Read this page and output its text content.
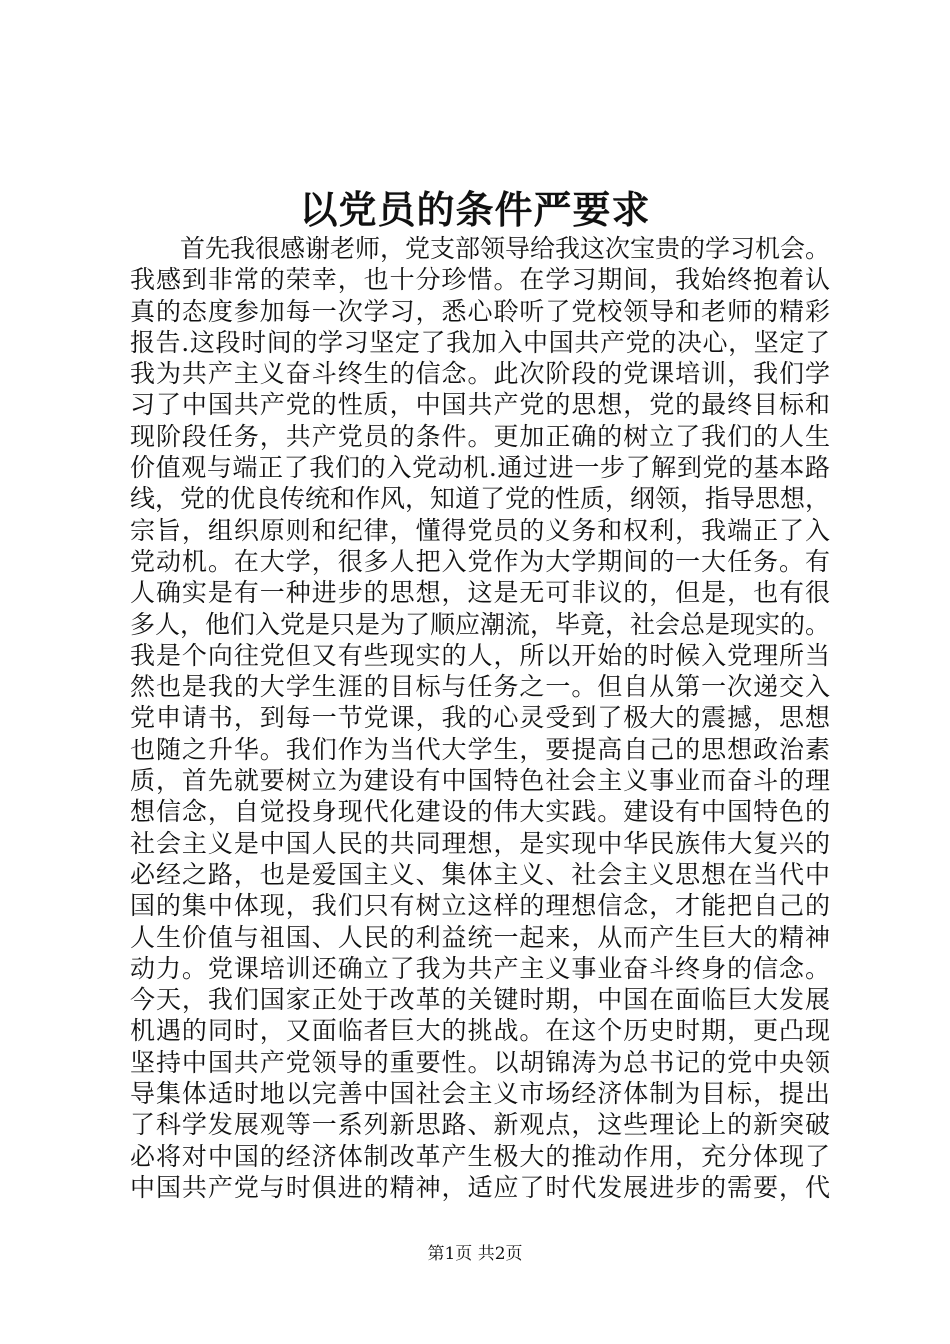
以党员的条件严要求
首先我很感谢老师，党支部领导给我这次宝贵的学习机会。
我感到非常的荣幸，也十分珍惜。在学习期间，我始终抱着认
真的态度参加每一次学习，悉心聆听了党校领导和老师的精彩
报告.这段时间的学习坚定了我加入中国共产党的决心，坚定了
我为共产主义奋斗终生的信念。此次阶段的党课培训，我们学
习了中国共产党的性质，中国共产党的思想，党的最终目标和
现阶段任务，共产党员的条件。更加正确的树立了我们的人生
价值观与端正了我们的入党动机.通过进一步了解到党的基本路
线，党的优良传统和作风，知道了党的性质，纲领，指导思想，
宗旨，组织原则和纪律，懂得党员的义务和权利，我端正了入
党动机。在大学，很多人把入党作为大学期间的一大任务。有
人确实是有一种进步的思想，这是无可非议的，但是，也有很
多人，他们入党是只是为了顺应潮流，毕竟，社会总是现实的。
我是个向往党但又有些现实的人，所以开始的时候入党理所当
然也是我的大学生涯的目标与任务之一。但自从第一次递交入
党申请书，到每一节党课，我的心灵受到了极大的震撼，思想
也随之升华。我们作为当代大学生，要提高自己的思想政治素
质，首先就要树立为建设有中国特色社会主义事业而奋斗的理
想信念，自觉投身现代化建设的伟大实践。建设有中国特色的
社会主义是中国人民的共同理想，是实现中华民族伟大复兴的
必经之路，也是爱国主义、集体主义、社会主义思想在当代中
国的集中体现，我们只有树立这样的理想信念，才能把自己的
人生价值与祖国、人民的利益统一起来，从而产生巨大的精神
动力。党课培训还确立了我为共产主义事业奋斗终身的信念。
今天，我们国家正处于改革的关键时期，中国在面临巨大发展
机遇的同时，又面临者巨大的挑战。在这个历史时期，更凸现
坚持中国共产党领导的重要性。以胡锦涛为总书记的党中央领
导集体适时地以完善中国社会主义市场经济体制为目标，提出
了科学发展观等一系列新思路、新观点，这些理论上的新突破
必将对中国的经济体制改革产生极大的推动作用，充分体现了
中国共产党与时俱进的精神，适应了时代发展进步的需要，代
第1页 共2页
